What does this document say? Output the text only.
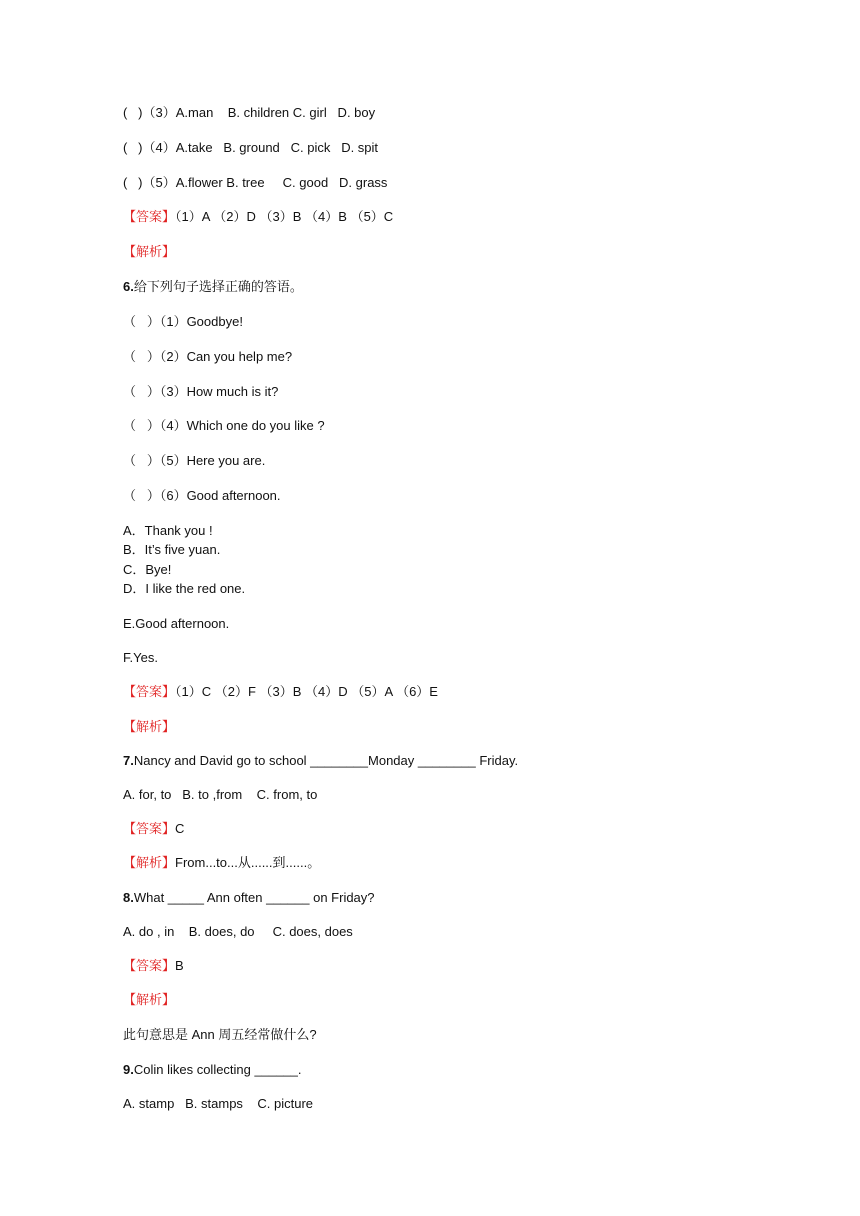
(   )（3）A.man    B. children C. girl   D. boy
(   )（4）A.take   B. ground   C. pick   D. spit
(   )（5）A.flower B. tree     C. good   D. grass
【答案】（1）A （2）D （3）B （4）B （5）C
【解析】
6.给下列句子选择正确的答语。
（   ）（1）Goodbye!
（   ）（2）Can you help me?
（   ）（3）How much is it?
（   ）（4）Which one do you like ?
（   ）（5）Here you are.
（   ）（6）Good afternoon.
A．Thank you !
B．It’s five yuan.
C．Bye!
D．I like the red one.
E.Good afternoon.
F.Yes.
【答案】（1）C （2）F （3）B （4）D （5）A （6）E
【解析】
7.Nancy and David go to school ________Monday ________ Friday.
A. for, to   B. to ,from    C. from, to
【答案】C
【解析】From...to...从......到......。
8.What _____ Ann often ______ on Friday?
A. do , in    B. does, do     C. does, does
【答案】B
【解析】
此句意思是 Ann 周五经常做什么?
9.Colin likes collecting ______.
A. stamp   B. stamps    C. picture
